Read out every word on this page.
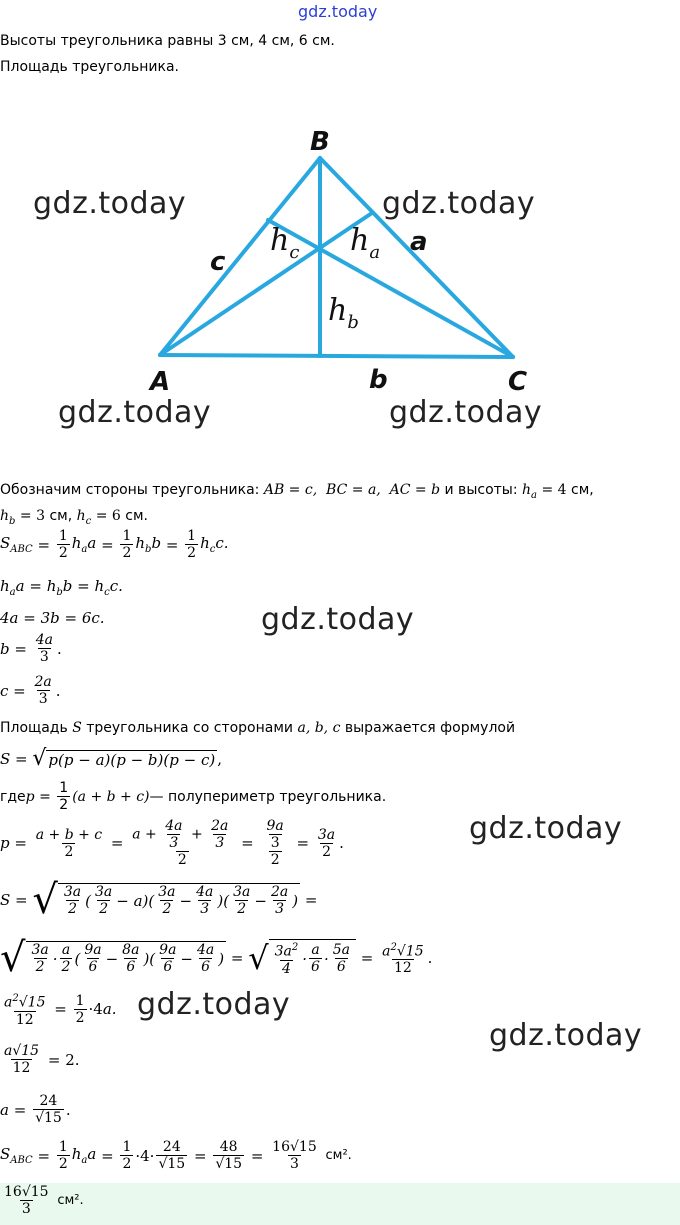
gdz.today
Высоты треугольника равны 3 см, 4 см, 6 см.
Площадь треугольника.
B
A	C
c
a
b
$h_c$ $h_a$
$h_b$
gdz.today	gdz.today
gdz.today	gdz.today
gdz.today
gdz.today
gdz.today
gdz.today
Обозначим стороны треугольника: AB = c,  BC = a,  AC = b и высоты: $h_a = 4$ см,
$h_b = 3$ см, $h_c = 6$ см.
$S_{ABC} = \frac{1}{2} h_aa = \frac{1}{2} h_bb = \frac{1}{2} h_cc$.
$h_aa = h_bb = h_cc$.
4a = 3b = 6c.
$b = \frac{4a}{3}$ .
$c = \frac{2a}{3}$ .
Площадь S треугольника со сторонами a, b, c выражается формулой
S = √ p(p − a)(p − b)(p − c) ,
где $p = \frac{1}{2} (a + b + c)$ — полупериметр треугольника.
$p = \frac{a + b + c}{2} = \frac{a + \frac{4a}{3} + \frac{2a}{3}}{2} = \frac{\frac{9a}{3}}{2} = \frac{3a}{2}$ .
S = √ $\frac{3a}{2}$ ( $\frac{3a}{2} - a)( \frac{3a}{2} - \frac{4a}{3}$ )( $\frac{3a}{2} - \frac{2a}{3}$ ) =
√ $\frac{3a}{2} \cdot \frac{a}{2}$ ( $\frac{9a}{6} - \frac{8a}{6}$ )( $\frac{9a}{6} - \frac{4a}{6}$ ) = √ $\frac{3a^2}{4} \cdot \frac{a}{6} \cdot \frac{5a}{6} = \frac{a^2√15}{12}$ .
$\frac{a^2√15}{12} = \frac{1}{2} \cdot 4$ a.
$\frac{a√15}{12}$
= 2.
$a = \frac{24}{√15}$ .
$S_{ABC} = \frac{1}{2} h_aa = \frac{1}{2} \cdot 4\cdot \frac{24}{√15} = \frac{48}{√15} = \frac{16√15}{3}$
см².
$\frac{16√15}{3}$
см².
